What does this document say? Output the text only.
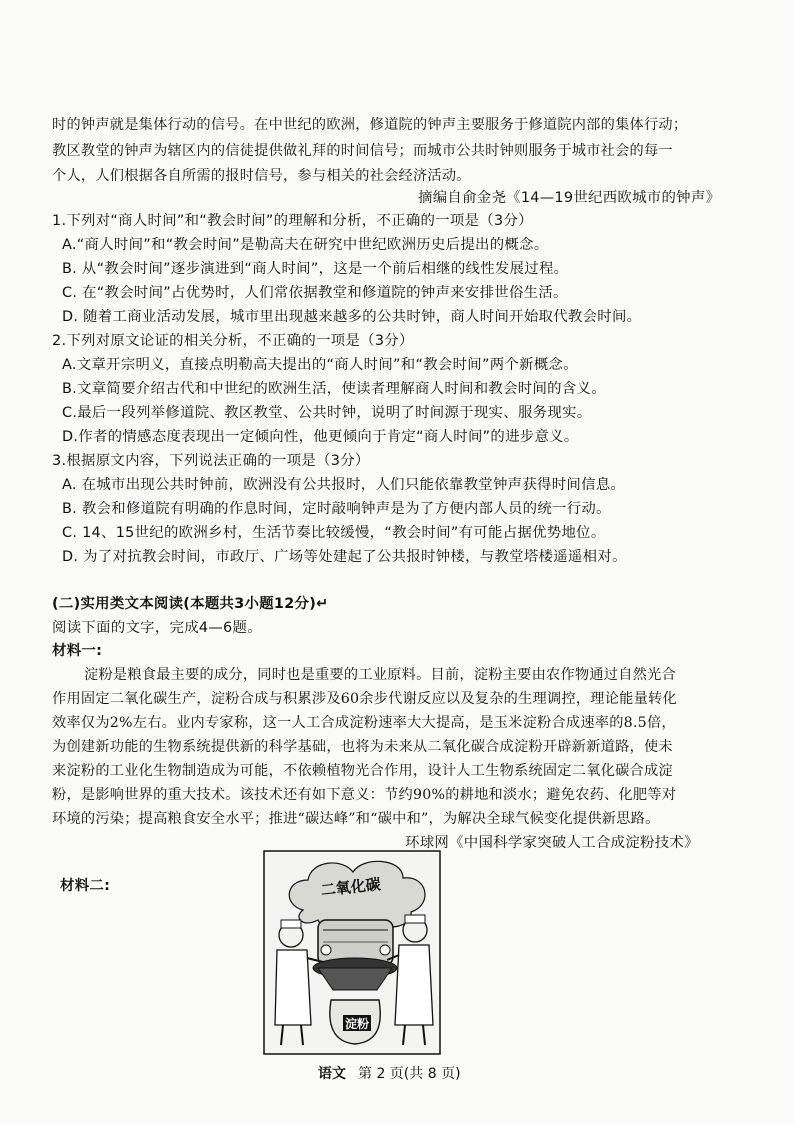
时的钟声就是集体行动的信号。在中世纪的欧洲，修道院的钟声主要服务于修道院内部的集体行动；
教区教堂的钟声为辖区内的信徒提供做礼拜的时间信号；而城市公共时钟则服务于城市社会的每一
个人，人们根据各自所需的报时信号，参与相关的社会经济活动。
摘编自俞金尧《14—19世纪西欧城市的钟声》
1.下列对“商人时间”和“教会时间”的理解和分析，不正确的一项是（3分）
A.“商人时间”和“教会时间”是勒高夫在研究中世纪欧洲历史后提出的概念。
B. 从“教会时间”逐步演进到“商人时间”，这是一个前后相继的线性发展过程。
C. 在“教会时间”占优势时，人们常依据教堂和修道院的钟声来安排世俗生活。
D. 随着工商业活动发展，城市里出现越来越多的公共时钟，商人时间开始取代教会时间。
2.下列对原文论证的相关分析，不正确的一项是（3分）
A.文章开宗明义，直接点明勒高夫提出的“商人时间”和“教会时间”两个新概念。
B.文章简要介绍古代和中世纪的欧洲生活，使读者理解商人时间和教会时间的含义。
C.最后一段列举修道院、教区教堂、公共时钟，说明了时间源于现实、服务现实。
D.作者的情感态度表现出一定倾向性，他更倾向于肯定“商人时间”的进步意义。
3.根据原文内容，下列说法正确的一项是（3分）
A. 在城市出现公共时钟前，欧洲没有公共报时，人们只能依靠教堂钟声获得时间信息。
B. 教会和修道院有明确的作息时间，定时敲响钟声是为了方便内部人员的统一行动。
C. 14、15世纪的欧洲乡村，生活节奏比较缓慢，“教会时间”有可能占据优势地位。
D. 为了对抗教会时间，市政厅、广场等处建起了公共报时钟楼，与教堂塔楼遥遥相对。
(二)实用类文本阅读(本题共3小题12分)↵
阅读下面的文字，完成4—6题。
材料一:
淀粉是粮食最主要的成分，同时也是重要的工业原料。目前，淀粉主要由农作物通过自然光合
作用固定二氧化碳生产，淀粉合成与积累涉及60余步代谢反应以及复杂的生理调控，理论能量转化
效率仅为2%左右。业内专家称，这一人工合成淀粉速率大大提高，是玉米淀粉合成速率的8.5倍，
为创建新功能的生物系统提供新的科学基础，也将为未来从二氧化碳合成淀粉开辟新新道路，使未
来淀粉的工业化生物制造成为可能，不依赖植物光合作用，设计人工生物系统固定二氧化碳合成淀
粉，是影响世界的重大技术。该技术还有如下意义：节约90%的耕地和淡水；避免农药、化肥等对
环境的污染；提高粮食安全水平；推进“碳达峰”和“碳中和”，为解决全球气候变化提供新思路。
环球网《中国科学家突破人工合成淀粉技术》
材料二:	二氧化碳
淀粉
语文 第 2 页(共 8 页)
